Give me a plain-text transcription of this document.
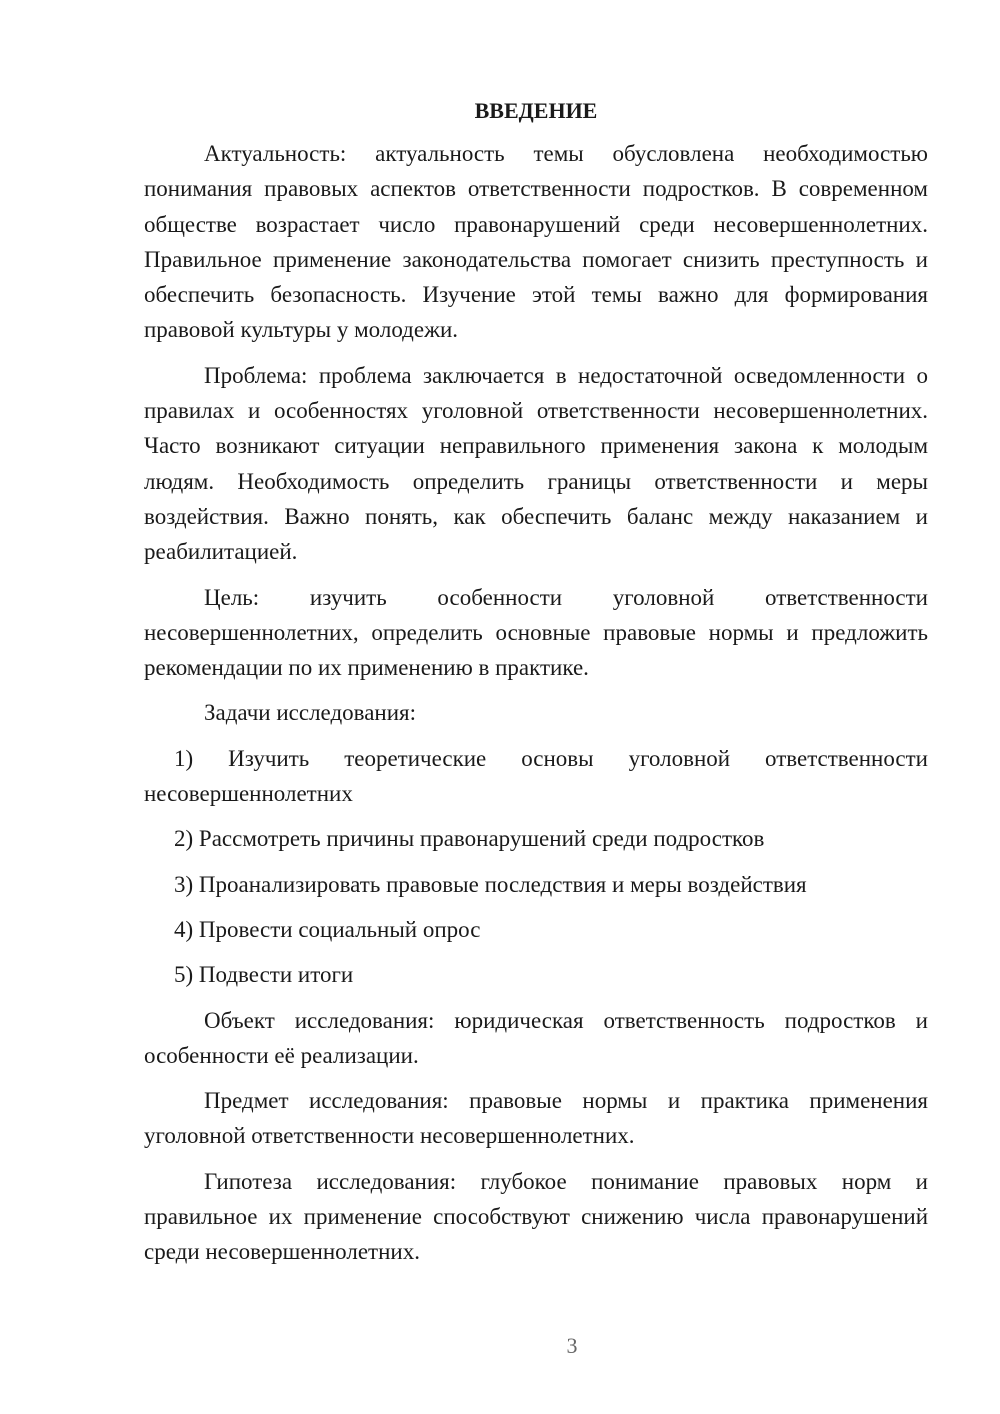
ВВЕДЕНИЕ

Актуальность: актуальность темы обусловлена необходимостью понимания правовых аспектов ответственности подростков. В современном обществе возрастает число правонарушений среди несовершеннолетних. Правильное применение законодательства помогает снизить преступность и обеспечить безопасность. Изучение этой темы важно для формирования правовой культуры у молодежи.

Проблема: проблема заключается в недостаточной осведомленности о правилах и особенностях уголовной ответственности несовершеннолетних. Часто возникают ситуации неправильного применения закона к молодым людям. Необходимость определить границы ответственности и меры воздействия. Важно понять, как обеспечить баланс между наказанием и реабилитацией.

Цель: изучить особенности уголовной ответственности несовершеннолетних, определить основные правовые нормы и предложить рекомендации по их применению в практике.

Задачи исследования:

1) Изучить теоретические основы уголовной ответственности несовершеннолетних

2) Рассмотреть причины правонарушений среди подростков

3) Проанализировать правовые последствия и меры воздействия

4) Провести социальный опрос

5) Подвести итоги

Объект исследования: юридическая ответственность подростков и особенности её реализации.

Предмет исследования: правовые нормы и практика применения уголовной ответственности несовершеннолетних.

Гипотеза исследования: глубокое понимание правовых норм и правильное их применение способствуют снижению числа правонарушений среди несовершеннолетних.

3
